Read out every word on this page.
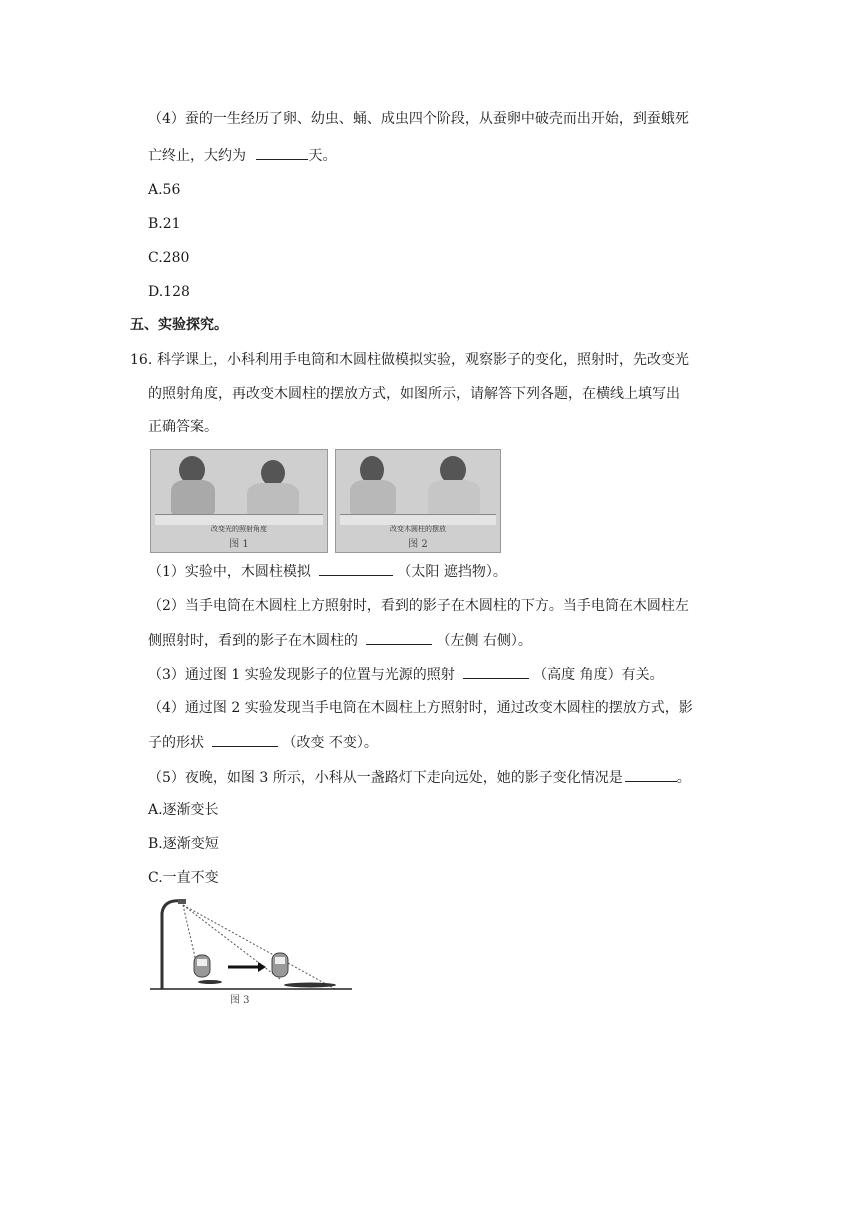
（4）蚕的一生经历了卵、幼虫、蛹、成虫四个阶段，从蚕卵中破壳而出开始，到蚕蛾死
亡终止，大约为	天。
A.56
B.21
C.280
D.128
五、实验探究。
16. 科学课上，小科利用手电筒和木圆柱做模拟实验，观察影子的变化，照射时，先改变光
的照射角度，再改变木圆柱的摆放方式，如图所示，请解答下列各题，在横线上填写出
正确答案。
改变光的照射角度
图 1
改变木圆柱的摆放
图 2
（1）实验中，木圆柱模拟	（太阳 遮挡物）。
（2）当手电筒在木圆柱上方照射时，看到的影子在木圆柱的下方。当手电筒在木圆柱左
侧照射时，看到的影子在木圆柱的	（左侧 右侧）。
（3）通过图 1 实验发现影子的位置与光源的照射	（高度 角度）有关。
（4）通过图 2 实验发现当手电筒在木圆柱上方照射时，通过改变木圆柱的摆放方式，影
子的形状	（改变 不变）。
（5）夜晚，如图 3 所示，小科从一盏路灯下走向远处，她的影子变化情况是	。
A.逐渐变长
B.逐渐变短
C.一直不变
图 3
